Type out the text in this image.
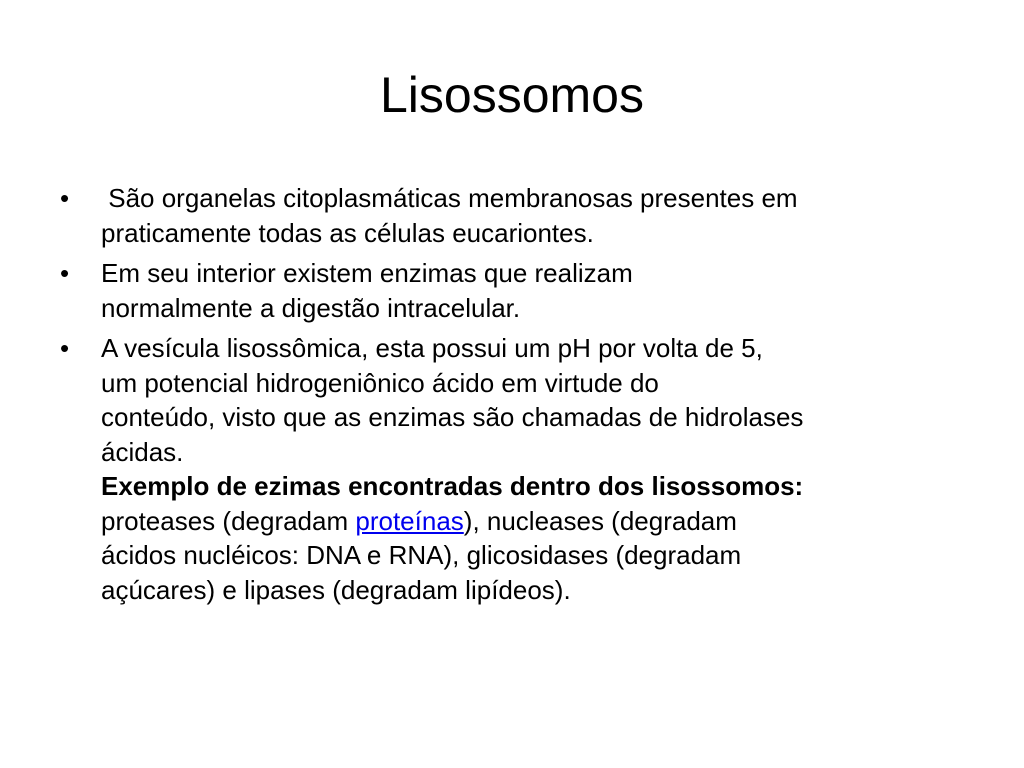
Lisossomos
• São organelas citoplasmáticas membranosas presentes em
praticamente todas as células eucariontes.
• Em seu interior existem enzimas que realizam
normalmente a digestão intracelular.
• A vesícula lisossômica, esta possui um pH por volta de 5,
um potencial hidrogeniônico ácido em virtude do
conteúdo, visto que as enzimas são chamadas de hidrolases
ácidas.
Exemplo de ezimas encontradas dentro dos lisossomos:
proteases (degradam proteínas), nucleases (degradam
ácidos nucléicos: DNA e RNA), glicosidases (degradam
açúcares) e lipases (degradam lipídeos).
